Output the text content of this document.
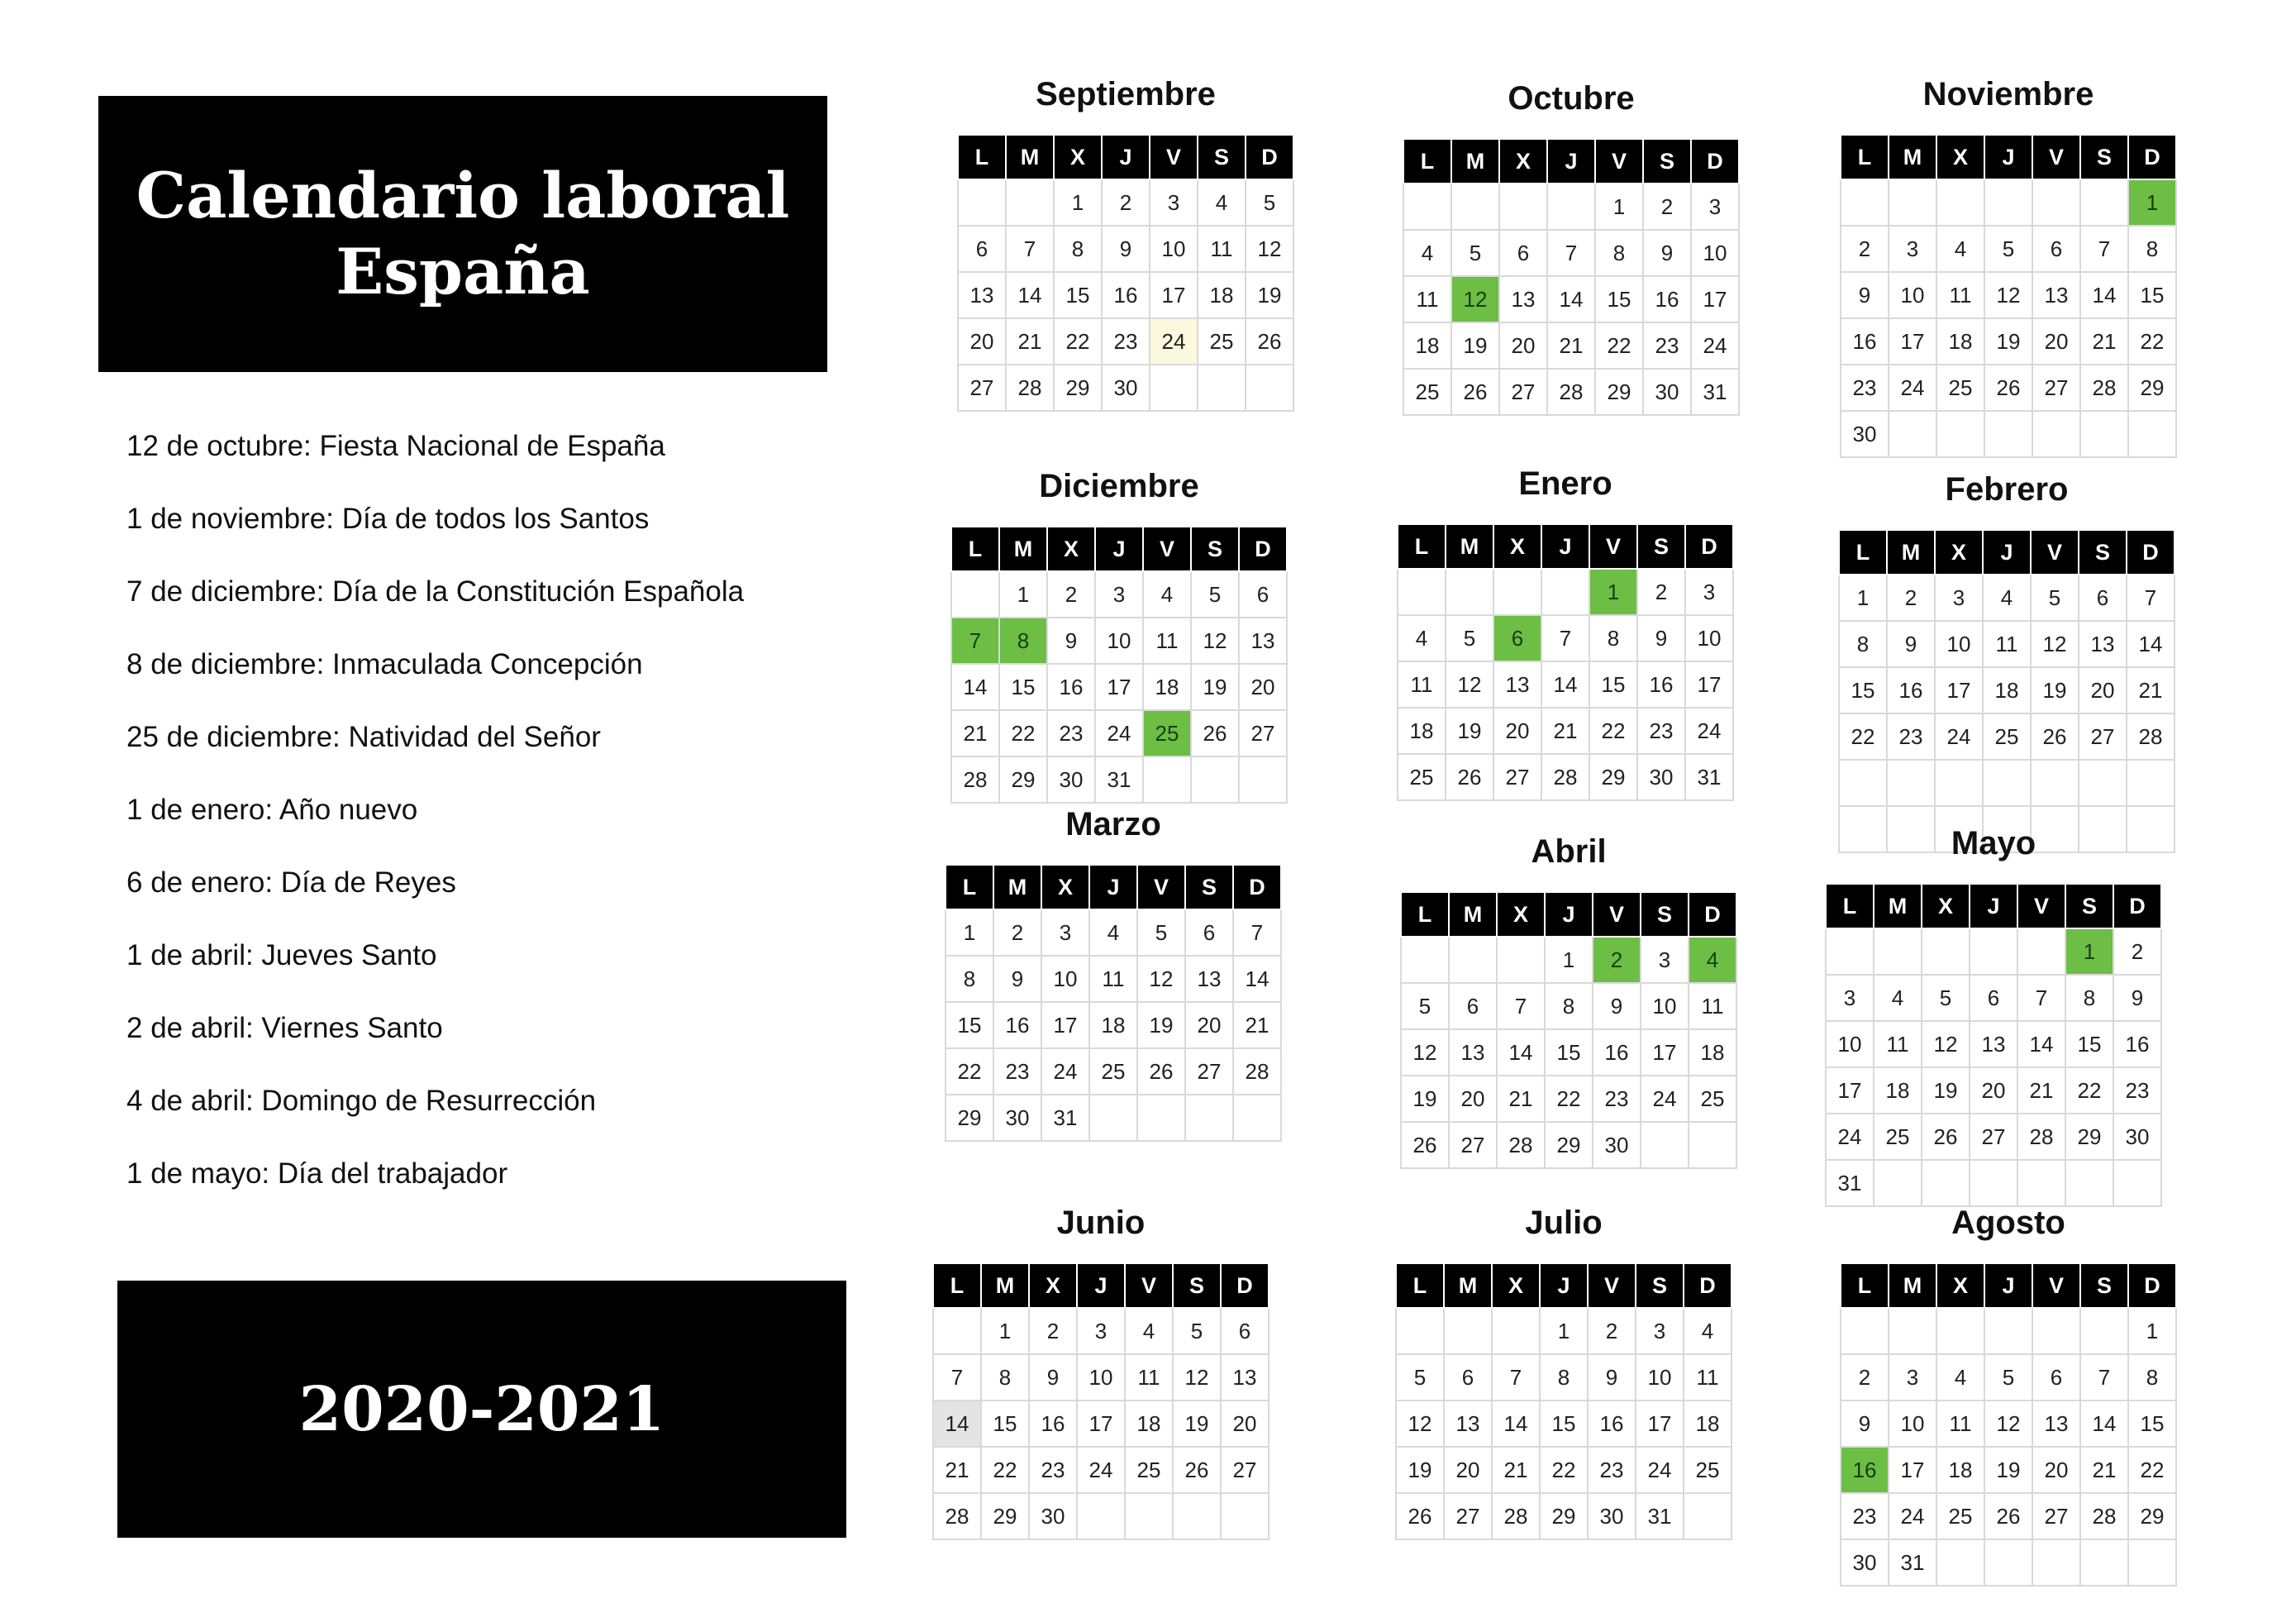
Calendario laboral
España
12 de octubre: Fiesta Nacional de España
1 de noviembre: Día de todos los Santos
7 de diciembre: Día de la Constitución Española
8 de diciembre: Inmaculada Concepción
25 de diciembre: Natividad del Señor
1 de enero: Año nuevo
6 de enero: Día de Reyes
1 de abril: Jueves Santo
2 de abril: Viernes Santo
4 de abril: Domingo de Resurrección
1 de mayo: Día del trabajador
2020-2021
Septiembre
L	M	X	J	V	S	D
		1	2	3	4	5
6	7	8	9	10	11	12
13	14	15	16	17	18	19
20	21	22	23	24	25	26
27	28	29	30			
Octubre
L	M	X	J	V	S	D
				1	2	3
4	5	6	7	8	9	10
11	12	13	14	15	16	17
18	19	20	21	22	23	24
25	26	27	28	29	30	31
Noviembre
L	M	X	J	V	S	D
						1
2	3	4	5	6	7	8
9	10	11	12	13	14	15
16	17	18	19	20	21	22
23	24	25	26	27	28	29
30						
Diciembre
L	M	X	J	V	S	D
	1	2	3	4	5	6
7	8	9	10	11	12	13
14	15	16	17	18	19	20
21	22	23	24	25	26	27
28	29	30	31			
Enero
L	M	X	J	V	S	D
				1	2	3
4	5	6	7	8	9	10
11	12	13	14	15	16	17
18	19	20	21	22	23	24
25	26	27	28	29	30	31
Febrero
L	M	X	J	V	S	D
1	2	3	4	5	6	7
8	9	10	11	12	13	14
15	16	17	18	19	20	21
22	23	24	25	26	27	28

Marzo
L	M	X	J	V	S	D
1	2	3	4	5	6	7
8	9	10	11	12	13	14
15	16	17	18	19	20	21
22	23	24	25	26	27	28
29	30	31				
Abril
L	M	X	J	V	S	D
			1	2	3	4
5	6	7	8	9	10	11
12	13	14	15	16	17	18
19	20	21	22	23	24	25
26	27	28	29	30		
Mayo
L	M	X	J	V	S	D
					1	2
3	4	5	6	7	8	9
10	11	12	13	14	15	16
17	18	19	20	21	22	23
24	25	26	27	28	29	30
31						
Junio
L	M	X	J	V	S	D
	1	2	3	4	5	6
7	8	9	10	11	12	13
14	15	16	17	18	19	20
21	22	23	24	25	26	27
28	29	30				
Julio
L	M	X	J	V	S	D
			1	2	3	4
5	6	7	8	9	10	11
12	13	14	15	16	17	18
19	20	21	22	23	24	25
26	27	28	29	30	31	
Agosto
L	M	X	J	V	S	D
						1
2	3	4	5	6	7	8
9	10	11	12	13	14	15
16	17	18	19	20	21	22
23	24	25	26	27	28	29
30	31					
